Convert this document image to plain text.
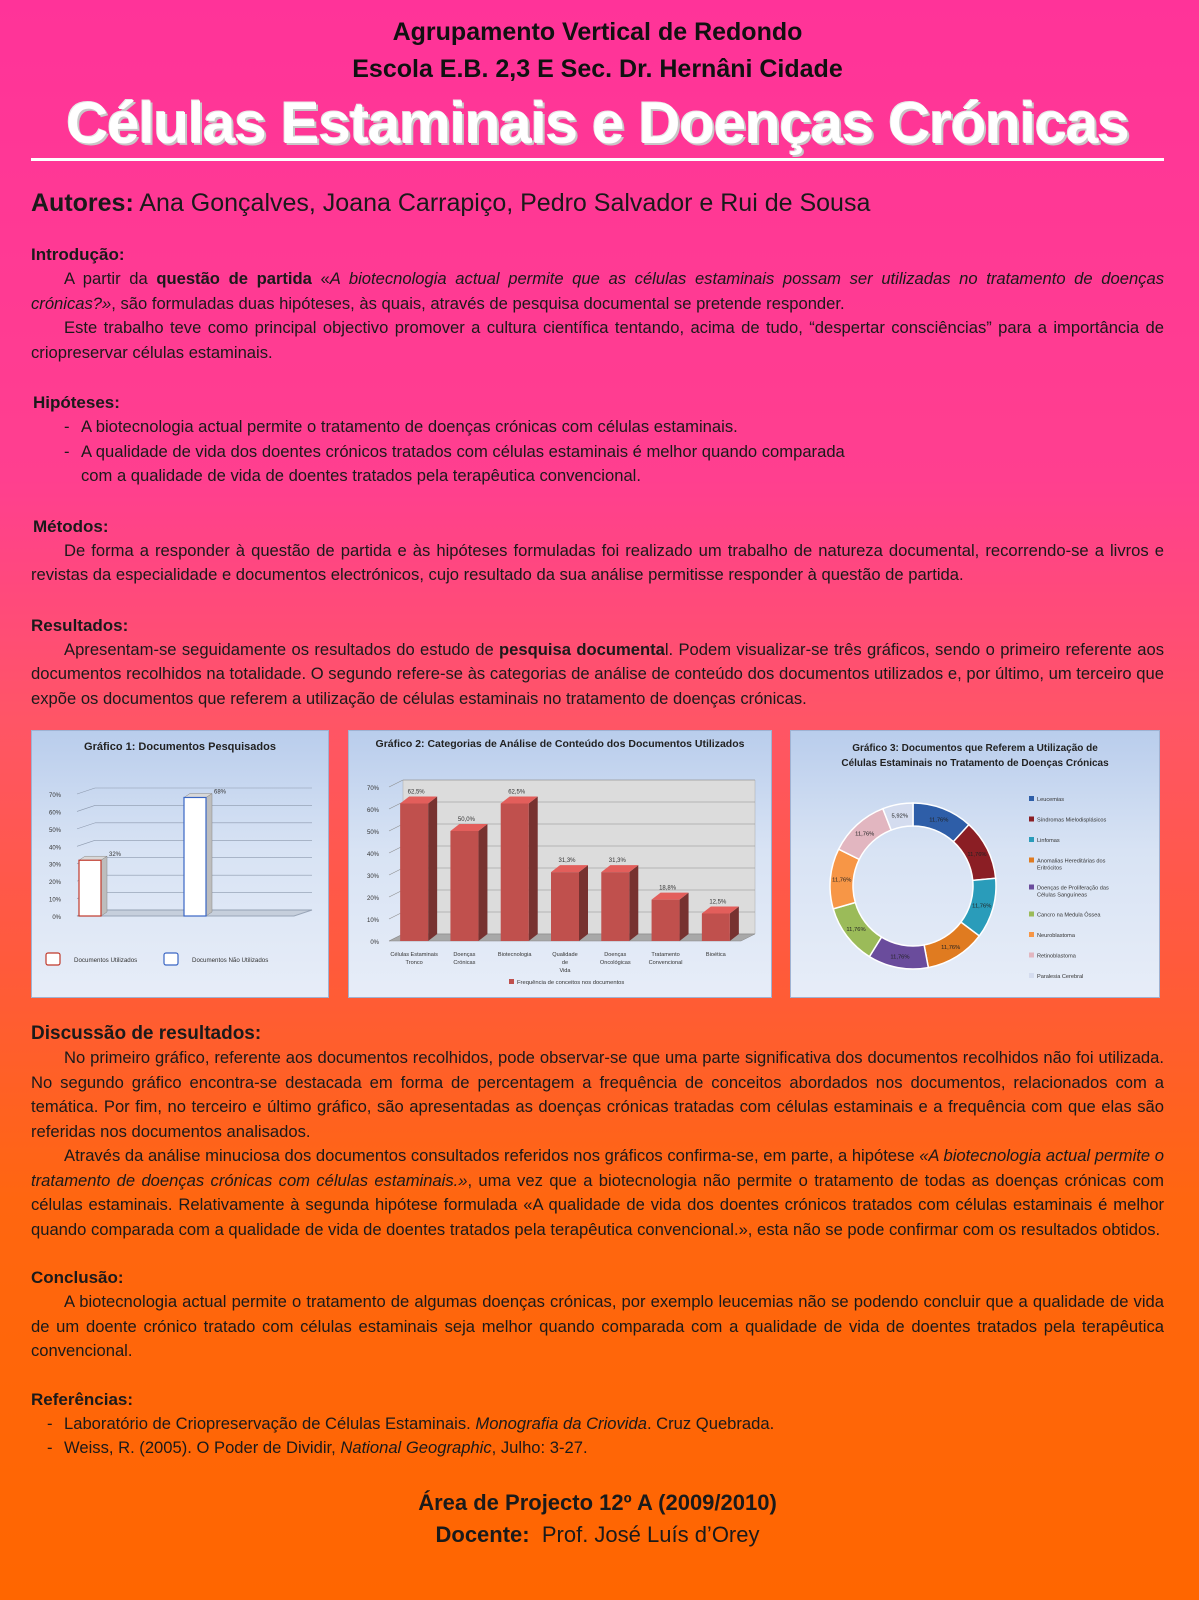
Agrupamento Vertical de Redondo
Escola E.B. 2,3 E Sec. Dr. Hernâni Cidade
Células Estaminais e Doenças Crónicas
Autores: Ana Gonçalves, Joana Carrapiço, Pedro Salvador e Rui de Sousa
Introdução:

A partir da questão de partida «A biotecnologia actual permite que as células estaminais possam ser utilizadas no tratamento de doenças crónicas?», são formuladas duas hipóteses, às quais, através de pesquisa documental se pretende responder.

Este trabalho teve como principal objectivo promover a cultura científica tentando, acima de tudo, “despertar consciências” para a importância de criopreservar células estaminais.

Hipóteses:
- A biotecnologia actual permite o tratamento de doenças crónicas com células estaminais.
- A qualidade de vida dos doentes crónicos tratados com células estaminais é melhor quando comparada
com a qualidade de vida de doentes tratados pela terapêutica convencional.
Métodos:

De forma a responder à questão de partida e às hipóteses formuladas foi realizado um trabalho de natureza documental, recorrendo-se a livros e revistas da especialidade e documentos electrónicos, cujo resultado da sua análise permitisse responder à questão de partida.

Resultados:

Apresentam-se seguidamente os resultados do estudo de pesquisa documental. Podem visualizar-se três gráficos, sendo o primeiro referente aos documentos recolhidos na totalidade. O segundo refere-se às categorias de análise de conteúdo dos documentos utilizados e, por último, um terceiro que expõe os documentos que referem a utilização de células estaminais no tratamento de doenças crónicas.

Gráfico 1: Documentos Pesquisados
0%
10%
20%
30%
40%
50%
60%
70%
32%
68%
Documentos Utilizados	Documentos Não Utilizados
Gráfico 2: Categorias de Análise de Conteúdo dos Documentos Utilizados
0%
10%
20%
30%
40%
50%
60%
70%
62,5%
Células Estaminais
Tronco
50,0%
Doenças
Crónicas
62,5%
Biotecnologia
31,3%
Qualidade
de
Vida
31,3%
Doenças
Oncológicas
18,8%
Tratamento
Convencional
12,5%
Bioética
Frequência de conceitos nos documentos
Gráfico 3: Documentos que Referem a Utilização de
Células Estaminais no Tratamento de Doenças Crónicas
11,76%
11,76%
11,76%
11,76%
11,76%
11,76%
11,76%
11,76%
5,92%
Leucemias
Síndromas Mielodisplásicos
Linfomas
Anomalias Hereditárias dos
Eritrócitos
Doenças de Proliferação das
Células Sanguíneas
Cancro na Medula Óssea
Neuroblastoma
Retinoblastoma
Paralesia Cerebral
Discussão de resultados:

No primeiro gráfico, referente aos documentos recolhidos, pode observar-se que uma parte significativa dos documentos recolhidos não foi utilizada. No segundo gráfico encontra-se destacada em forma de percentagem a frequência de conceitos abordados nos documentos, relacionados com a temática. Por fim, no terceiro e último gráfico, são apresentadas as doenças crónicas tratadas com células estaminais e a frequência com que elas são referidas nos documentos analisados.

Através da análise minuciosa dos documentos consultados referidos nos gráficos confirma-se, em parte, a hipótese «A biotecnologia actual permite o tratamento de doenças crónicas com células estaminais.», uma vez que a biotecnologia não permite o tratamento de todas as doenças crónicas com células estaminais. Relativamente à segunda hipótese formulada «A qualidade de vida dos doentes crónicos tratados com células estaminais é melhor quando comparada com a qualidade de vida de doentes tratados pela terapêutica convencional.», esta não se pode confirmar com os resultados obtidos.

Conclusão:

A biotecnologia actual permite o tratamento de algumas doenças crónicas, por exemplo leucemias não se podendo concluir que a qualidade de vida de um doente crónico tratado com células estaminais seja melhor quando comparada com a qualidade de vida de doentes tratados pela terapêutica convencional.

Referências:
- Laboratório de Criopreservação de Células Estaminais. Monografia da Criovida. Cruz Quebrada.
- Weiss, R. (2005). O Poder de Dividir, National Geographic, Julho: 3-27.
Área de Projecto 12º A (2009/2010)
Docente:  Prof. José Luís d’Orey
